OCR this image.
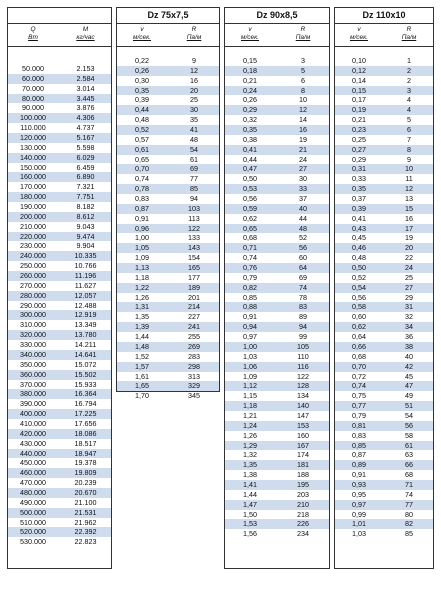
Q
Вт
M
кг/час
50.000	2.153
60.000	2.584
70.000	3.014
80.000	3.445
90.000	3.876
100.000	4.306
110.000	4.737
120.000	5.167
130.000	5.598
140.000	6.029
150.000	6.459
160.000	6.890
170.000	7.321
180.000	7.751
190.000	8.182
200.000	8.612
210.000	9.043
220.000	9.474
230.000	9.904
240.000	10.335
250.000	10.766
260.000	11.196
270.000	11.627
280.000	12.057
290.000	12.488
300.000	12.919
310.000	13.349
320.000	13.780
330.000	14.211
340.000	14.641
350.000	15.072
360.000	15.502
370.000	15.933
380.000	16.364
390.000	16.794
400.000	17.225
410.000	17.656
420.000	18.086
430.000	18.517
440.000	18.947
450.000	19.378
460.000	19.809
470.000	20.239
480.000	20.670
490.000	21.100
500.000	21.531
510.000	21.962
520.000	22.392
530.000	22.823
Dz 75x7,5
v
м/сек.
R
Па/м
0,22	9
0,26	12
0,30	16
0,35	20
0,39	25
0,44	30
0,48	35
0,52	41
0,57	48
0,61	54
0,65	61
0,70	69
0,74	77
0,78	85
0,83	94
0,87	103
0,91	113
0,96	122
1,00	133
1,05	143
1,09	154
1,13	165
1,18	177
1,22	189
1,26	201
1,31	214
1,35	227
1,39	241
1,44	255
1,48	269
1,52	283
1,57	298
1,61	313
1,65	329
1,70	345
Dz 90x8,5
v
м/сек.
R
Па/м
0,15	3
0,18	5
0,21	6
0,24	8
0,26	10
0,29	12
0,32	14
0,35	16
0,38	19
0,41	21
0,44	24
0,47	27
0,50	30
0,53	33
0,56	37
0,59	40
0,62	44
0,65	48
0,68	52
0,71	56
0,74	60
0,76	64
0,79	69
0,82	74
0,85	78
0,88	83
0,91	89
0,94	94
0,97	99
1,00	105
1,03	110
1,06	116
1,09	122
1,12	128
1,15	134
1,18	140
1,21	147
1,24	153
1,26	160
1,29	167
1,32	174
1,35	181
1,38	188
1,41	195
1,44	203
1,47	210
1,50	218
1,53	226
1,56	234
Dz 110x10
v
м/сек.
R
Па/м
0,10	1
0,12	2
0,14	2
0,15	3
0,17	4
0,19	4
0,21	5
0,23	6
0,25	7
0,27	8
0,29	9
0,31	10
0,33	11
0,35	12
0,37	13
0,39	15
0,41	16
0,43	17
0,45	19
0,46	20
0,48	22
0,50	24
0,52	25
0,54	27
0,56	29
0,58	31
0,60	32
0,62	34
0,64	36
0,66	38
0,68	40
0,70	42
0,72	45
0,74	47
0,75	49
0,77	51
0,79	54
0,81	56
0,83	58
0,85	61
0,87	63
0,89	66
0,91	68
0,93	71
0,95	74
0,97	77
0,99	80
1,01	82
1,03	85
